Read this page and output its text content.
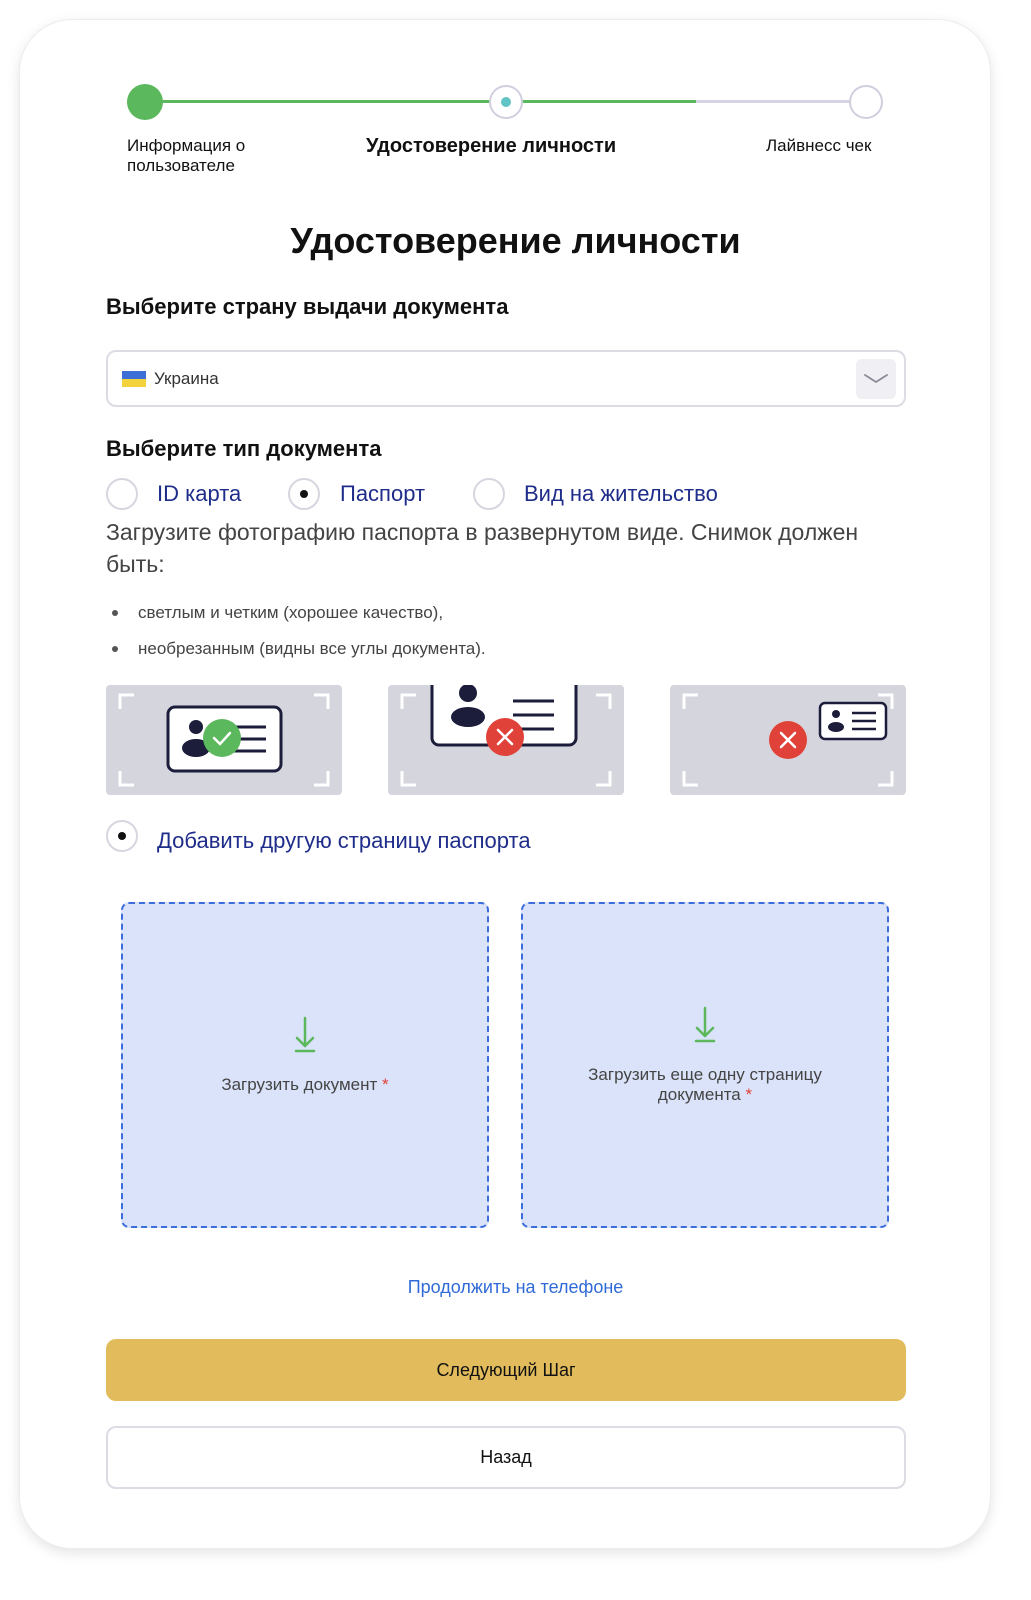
Информация о пользователе
Удостоверение личности	Лайвнесс чек
Удостоверение личности
Выберите страну выдачи документа
Украина
Выберите тип документа
ID карта	Паспорт	Вид на жительство
Загрузите фотографию паспорта в развернутом виде. Снимок должен быть:
светлым и четким (хорошее качество),
необрезанным (видны все углы документа).
Добавить другую страницу паспорта
Загрузить документ *
Загрузить еще одну страницу документа *
Продолжить на телефоне
Следующий Шаг
Назад
